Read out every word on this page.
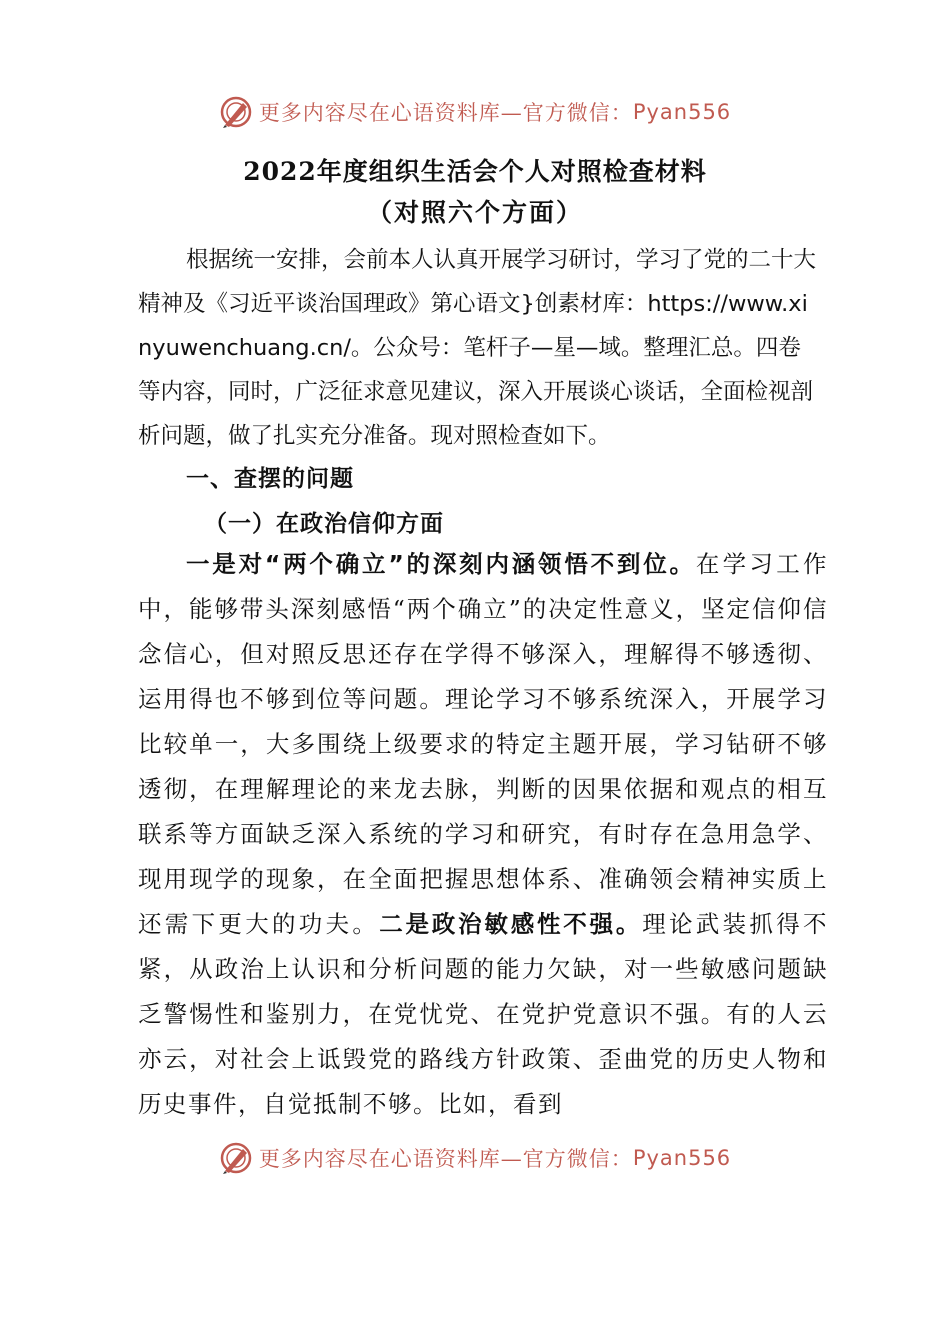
更多内容尽在心语资料库—官方微信： Pyan556
2022年度组织生活会个人对照检查材料
（对照六个方面）

根据统一安排，会前本人认真开展学习研讨，学习了党的二十大精神及《习近平谈治国理政》第心语文}创素材库：https://www.xinyuwenchuang.cn/。公众号：笔杆子—星—域。整理汇总。四卷等内容，同时，广泛征求意见建议，深入开展谈心谈话，全面检视剖析问题，做了扎实充分准备。现对照检查如下。

一、查摆的问题
（一）在政治信仰方面

一是对“两个确立”的深刻内涵领悟不到位。在学习工作中，能够带头深刻感悟“两个确立”的决定性意义，坚定信仰信念信心，但对照反思还存在学得不够深入，理解得不够透彻、运用得也不够到位等问题。理论学习不够系统深入，开展学习比较单一，大多围绕上级要求的特定主题开展，学习钻研不够透彻，在理解理论的来龙去脉，判断的因果依据和观点的相互联系等方面缺乏深入系统的学习和研究，有时存在急用急学、现用现学的现象，在全面把握思想体系、准确领会精神实质上还需下更大的功夫。二是政治敏感性不强。理论武装抓得不紧，从政治上认识和分析问题的能力欠缺，对一些敏感问题缺乏警惕性和鉴别力，在党忧党、在党护党意识不强。有的人云亦云，对社会上诋毁党的路线方针政策、歪曲党的历史人物和历史事件，自觉抵制不够。比如，看到

更多内容尽在心语资料库—官方微信： Pyan556
